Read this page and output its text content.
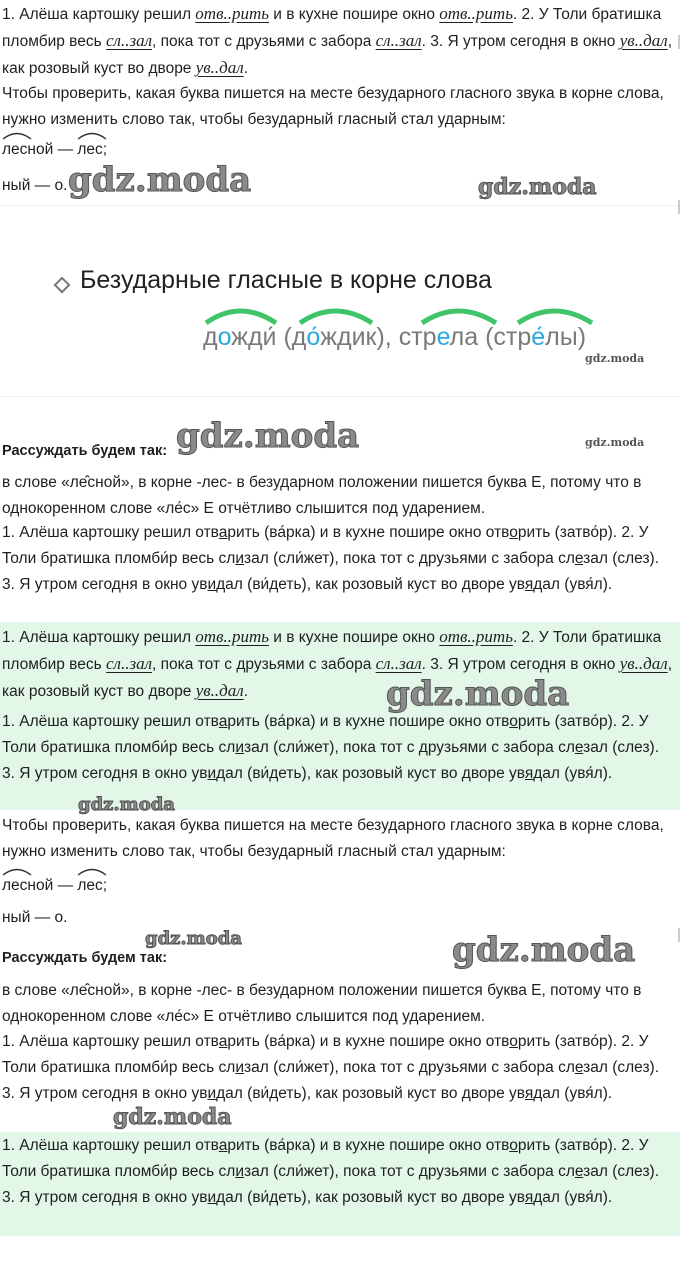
1. Алёша картошку решил отв..рить и в кухне пошире окно отв..рить. 2. У Толи братишка пломбир весь сл..зал, пока тот с друзьями с забора сл..зал. 3. Я утром сегодня в окно ув..дал, как розовый куст во дворе ув..дал.

Чтобы проверить, какая буква пишется на месте безударного гласного звука в корне слова, нужно изменить слово так, чтобы безударный гласный стал ударным:

лесной —
лес;

ный — о.

Безударные гласные в корне слова
дожди́ (до́ждик), стрела (стре́лы)

Рассуждать будем так:

в слове «ле̂сной», в корне -лес- в безударном положении пишется буква Е, потому что в однокоренном слове «ле́с» Е отчётливо слышится под ударением.

1. Алёша картошку решил отварить (ва́рка) и в кухне пошире окно отворить (затво́р). 2. У Толи братишка пломби́р весь слизал (сли́жет), пока тот с друзьями с забора слезал (слез). 3. Я утром сегодня в окно увидал (ви́деть), как розовый куст во дворе увядал (увя́л).

1. Алёша картошку решил отв..рить и в кухне пошире окно отв..рить. 2. У Толи братишка пломбир весь сл..зал, пока тот с друзьями с забора сл..зал. 3. Я утром сегодня в окно ув..дал, как розовый куст во дворе ув..дал.

1. Алёша картошку решил отварить (ва́рка) и в кухне пошире окно отворить (затво́р). 2. У Толи братишка пломби́р весь слизал (сли́жет), пока тот с друзьями с забора слезал (слез). 3. Я утром сегодня в окно увидал (ви́деть), как розовый куст во дворе увядал (увя́л).

Чтобы проверить, какая буква пишется на месте безударного гласного звука в корне слова, нужно изменить слово так, чтобы безударный гласный стал ударным:

лесной —
лес;

ный — о.

Рассуждать будем так:

в слове «ле̂сной», в корне -лес- в безударном положении пишется буква Е, потому что в однокоренном слове «ле́с» Е отчётливо слышится под ударением.

1. Алёша картошку решил отварить (ва́рка) и в кухне пошире окно отворить (затво́р). 2. У Толи братишка пломби́р весь слизал (сли́жет), пока тот с друзьями с забора слезал (слез). 3. Я утром сегодня в окно увидал (ви́деть), как розовый куст во дворе увядал (увя́л).

1. Алёша картошку решил отварить (ва́рка) и в кухне пошире окно отворить (затво́р). 2. У Толи братишка пломби́р весь слизал (сли́жет), пока тот с друзьями с забора слезал (слез). 3. Я утром сегодня в окно увидал (ви́деть), как розовый куст во дворе увядал (увя́л).

gdz.moda	gdz.moda
gdz.moda
gdz.moda	gdz.moda
gdz.moda
gdz.moda
gdz.moda	gdz.moda
gdz.moda
